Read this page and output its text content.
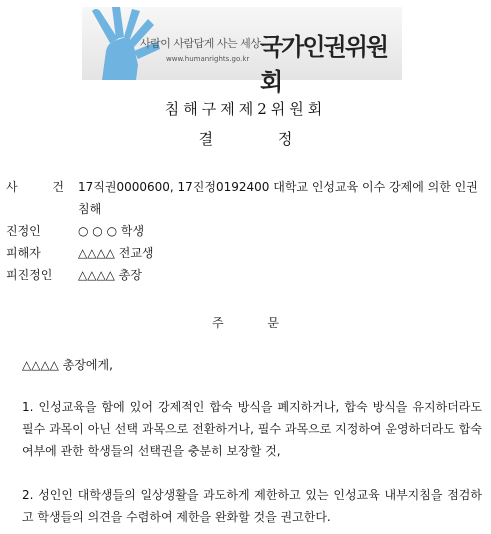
사람이 사람답게 사는 세상
www.humanrights.go.kr 국가인권위원회
침해구제제2위원회
결 정
사 건 17직권0000600, 17진정0192400 대학교 인성교육 이수 강제에 의한 인권침해
진정인	○ ○ ○ 학생
피해자	△△△△ 전교생
피진정인	△△△△ 총장
주 문
△△△△ 총장에게,
1. 인성교육을 함에 있어 강제적인 합숙 방식을 폐지하거나, 합숙 방식을 유지하더라도 필수 과목이 아닌 선택 과목으로 전환하거나, 필수 과목으로 지정하여 운영하더라도 합숙 여부에 관한 학생들의 선택권을 충분히 보장할 것,
2. 성인인 대학생들의 일상생활을 과도하게 제한하고 있는 인성교육 내부지침을 점검하고 학생들의 의견을 수렴하여 제한을 완화할 것을 권고한다.
